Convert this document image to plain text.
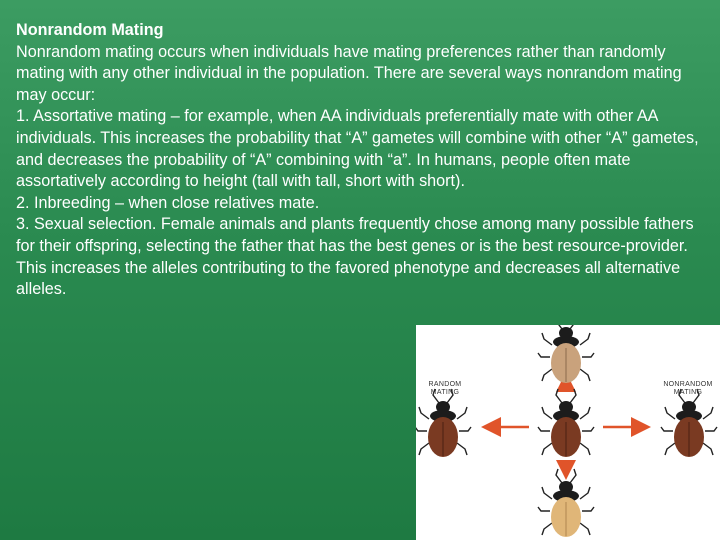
Nonrandom Mating

Nonrandom mating occurs when individuals have mating preferences rather than randomly mating with any other individual in the population. There are several ways nonrandom mating may occur:

1. Assortative mating – for example, when AA individuals preferentially mate with other AA individuals. This increases the probability that “A” gametes will combine with other “A” gametes, and decreases the probability of “A” combining with “a”. In humans, people often mate assortatively according to height (tall with tall, short with short).

2. Inbreeding – when close relatives mate.

3. Sexual selection. Female animals and plants frequently chose among many possible fathers for their offspring, selecting the father that has the best genes or is the best resource-provider. This increases the alleles contributing to the favored phenotype and decreases all alternative alleles.

RANDOM
MATING
NONRANDOM
MATING
